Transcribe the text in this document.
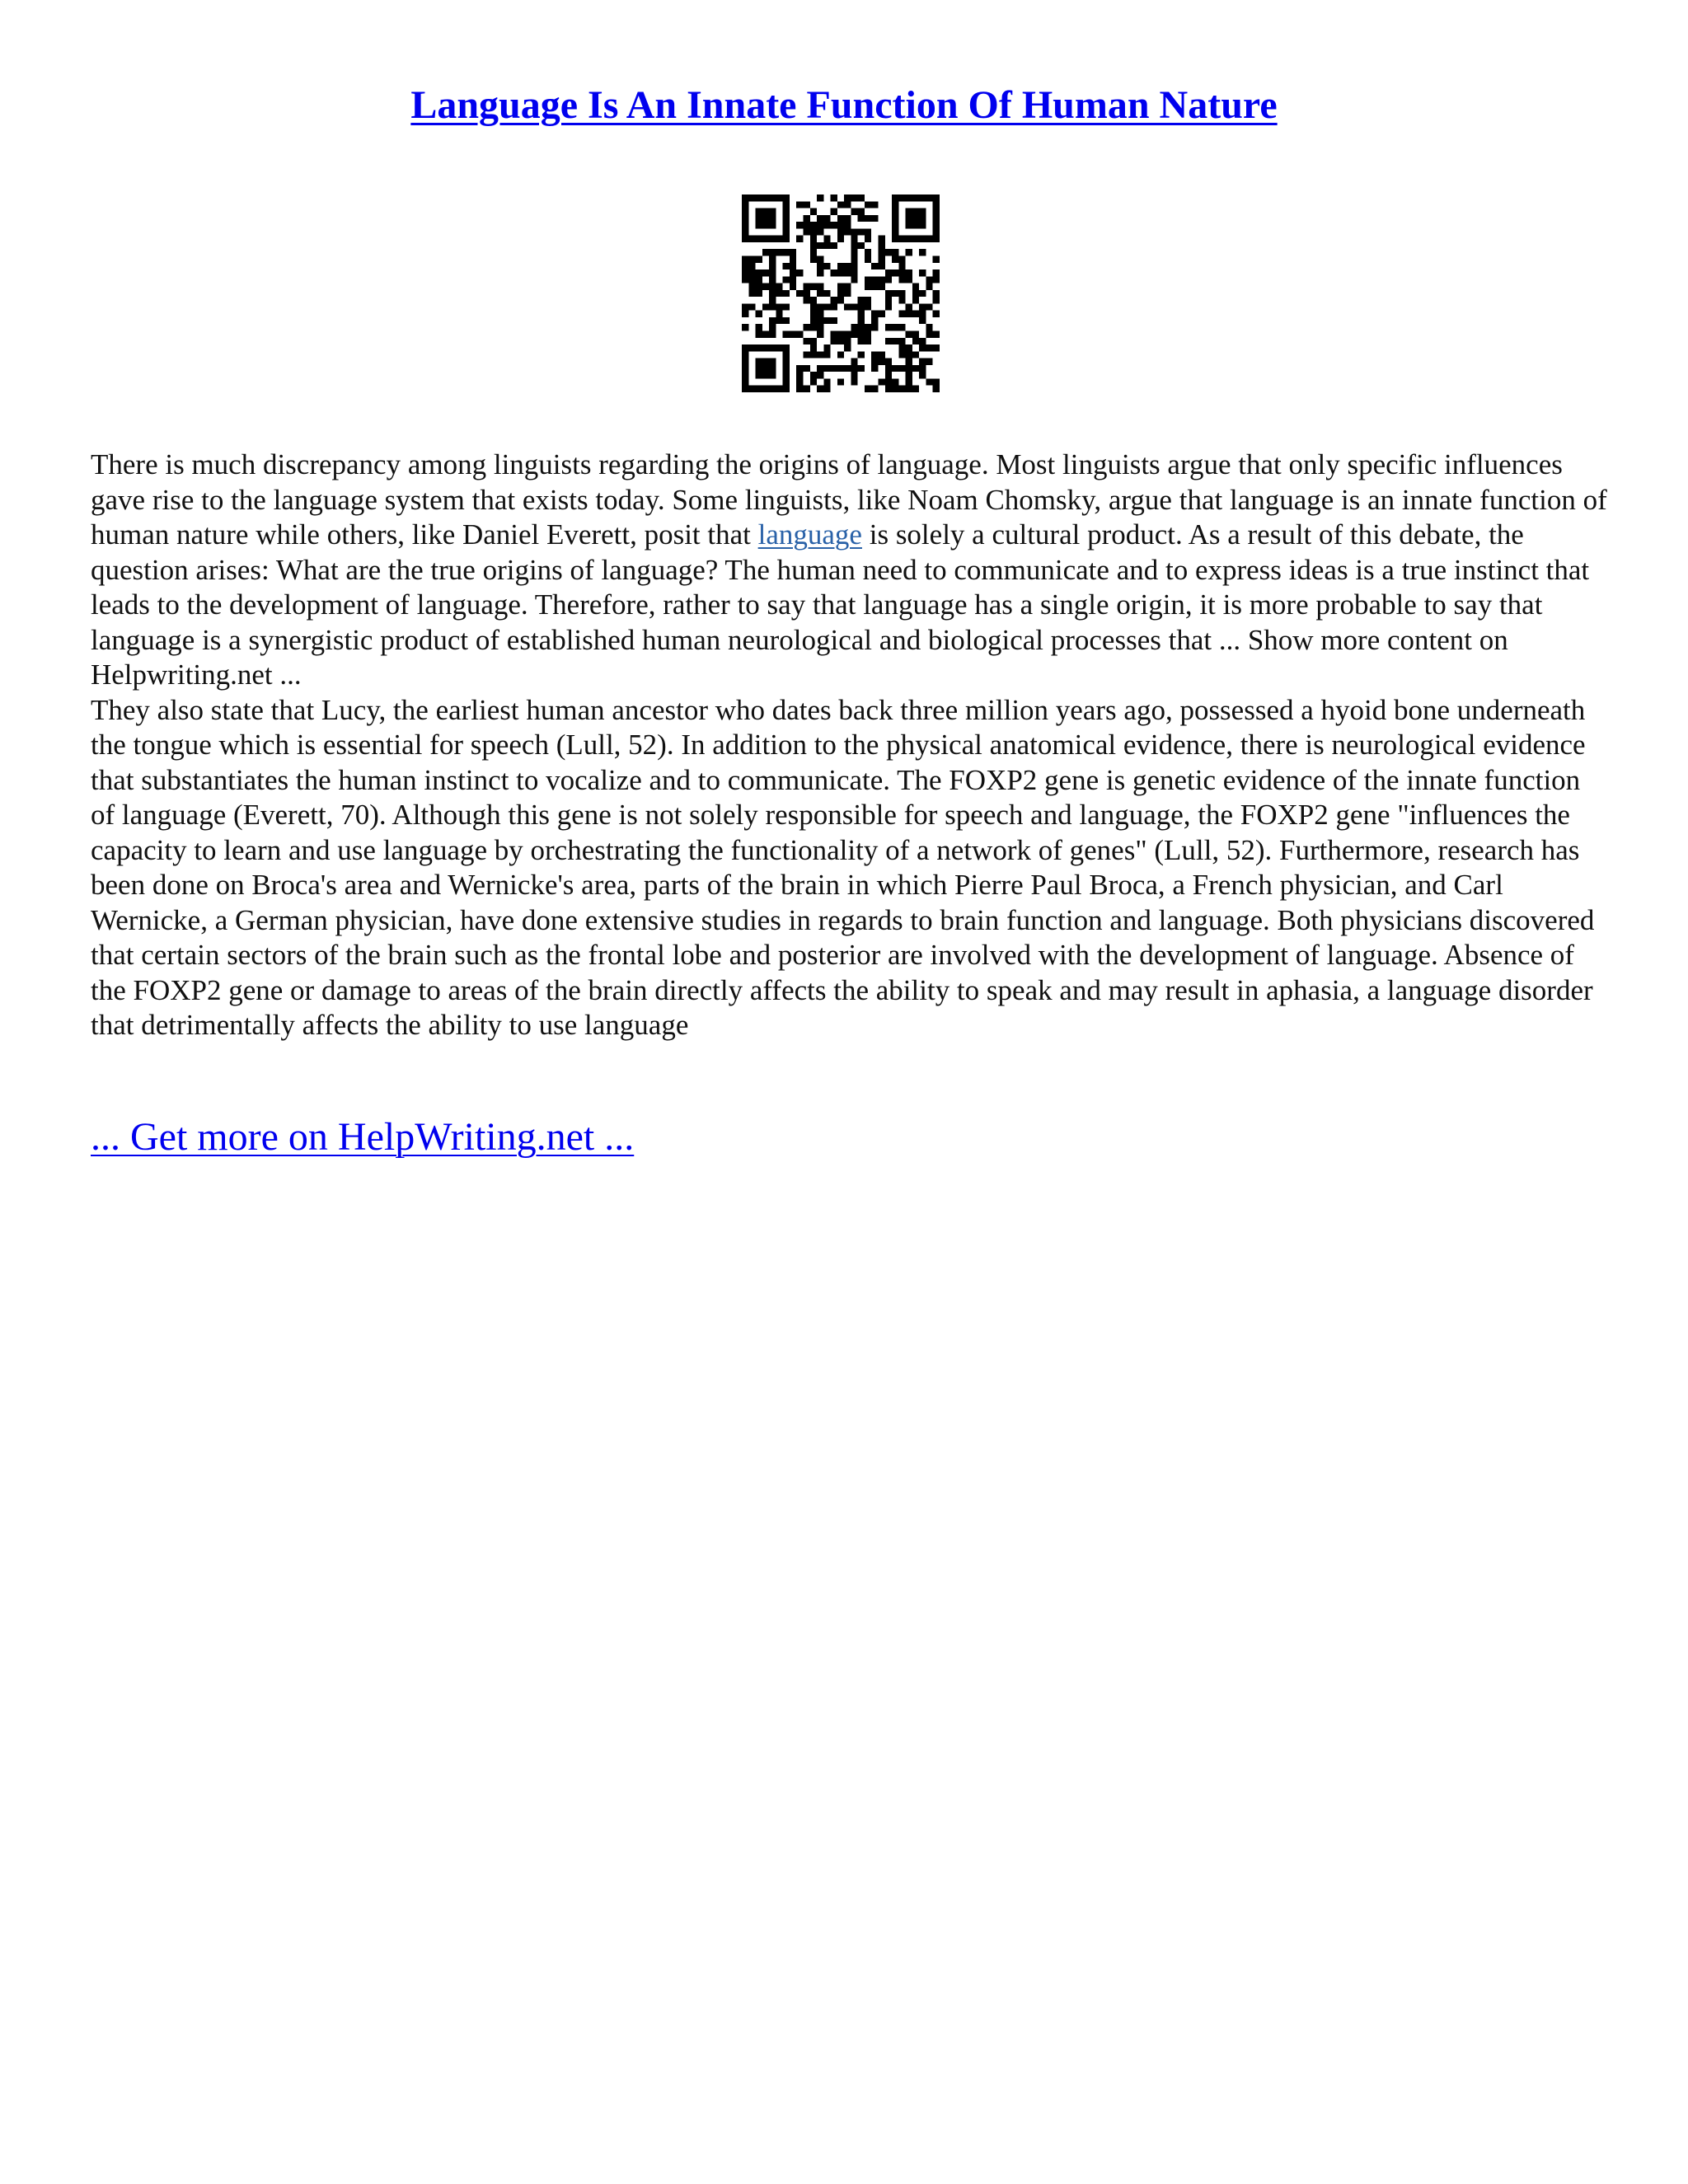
Language Is An Innate Function Of Human Nature

There is much discrepancy among linguists regarding the origins of language. Most linguists argue that only specific influences gave rise to the language system that exists today. Some linguists, like Noam Chomsky, argue that language is an innate function of human nature while others, like Daniel Everett, posit that language is solely a cultural product. As a result of this debate, the question arises: What are the true origins of language? The human need to communicate and to express ideas is a true instinct that leads to the development of language. Therefore, rather to say that language has a single origin, it is more probable to say that language is a synergistic product of established human neurological and biological processes that ... Show more content on Helpwriting.net ...

They also state that Lucy, the earliest human ancestor who dates back three million years ago, possessed a hyoid bone underneath the tongue which is essential for speech (Lull, 52). In addition to the physical anatomical evidence, there is neurological evidence that substantiates the human instinct to vocalize and to communicate. The FOXP2 gene is genetic evidence of the innate function of language (Everett, 70). Although this gene is not solely responsible for speech and language, the FOXP2 gene "influences the capacity to learn and use language by orchestrating the functionality of a network of genes" (Lull, 52). Furthermore, research has been done on Broca's area and Wernicke's area, parts of the brain in which Pierre Paul Broca, a French physician, and Carl Wernicke, a German physician, have done extensive studies in regards to brain function and language. Both physicians discovered that certain sectors of the brain such as the frontal lobe and posterior are involved with the development of language. Absence of the FOXP2 gene or damage to areas of the brain directly affects the ability to speak and may result in aphasia, a language disorder that detrimentally affects the ability to use language

... Get more on HelpWriting.net ...
